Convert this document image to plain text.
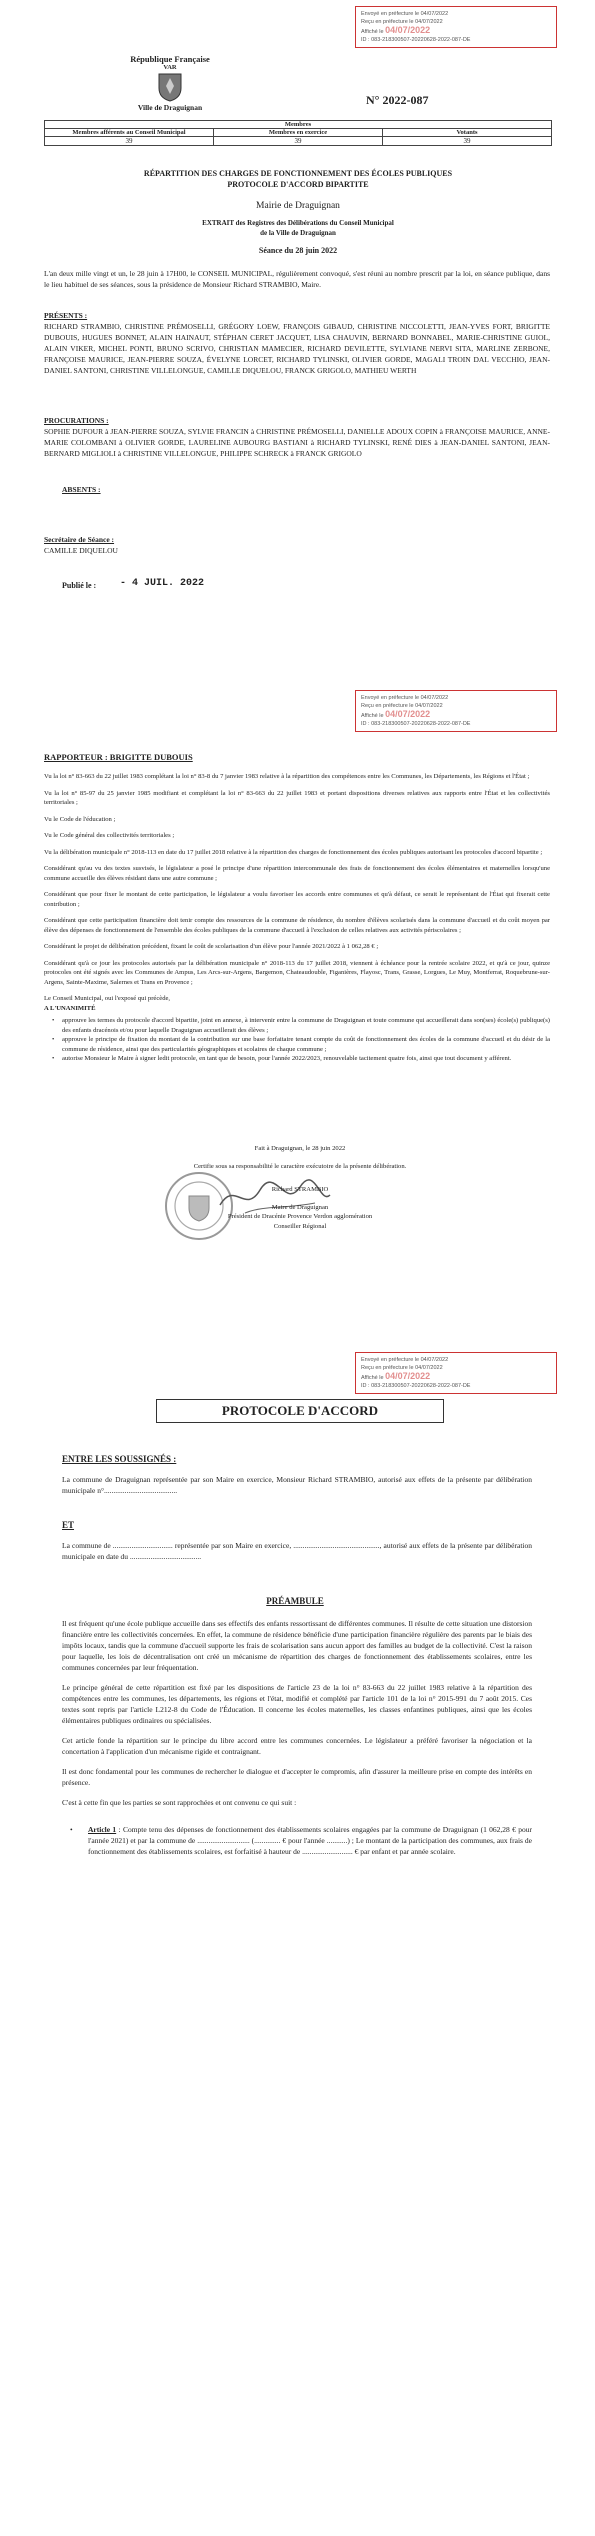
Envoyé en préfecture le 04/07/2022
Reçu en préfecture le 04/07/2022
Affiché le 04/07/2022
ID : 083-218300507-20220628-2022-087-DE
République Française
VAR
Ville de Draguignan
N° 2022-087
Membres
Membres afférents au Conseil Municipal	Membres en exercice	Votants
39	39	39
RÉPARTITION DES CHARGES DE FONCTIONNEMENT DES ÉCOLES PUBLIQUES
PROTOCOLE D'ACCORD BIPARTITE
Mairie de Draguignan
EXTRAIT des Registres des Délibérations du Conseil Municipal
de la Ville de Draguignan
Séance du 28 juin 2022
L'an deux mille vingt et un, le 28 juin à 17H00, le CONSEIL MUNICIPAL, régulièrement convoqué, s'est réuni au nombre prescrit par la loi, en séance publique, dans le lieu habituel de ses séances, sous la présidence de Monsieur Richard STRAMBIO, Maire.
PRÉSENTS :
RICHARD STRAMBIO, CHRISTINE PRÉMOSELLI, GRÉGORY LOEW, FRANÇOIS GIBAUD, CHRISTINE NICCOLETTI, JEAN-YVES FORT, BRIGITTE DUBOUIS, HUGUES BONNET, ALAIN HAINAUT, STÉPHAN CERET JACQUET, LISA CHAUVIN, BERNARD BONNABEL, MARIE-CHRISTINE GUIOL, ALAIN VIKER, MICHEL PONTI, BRUNO SCRIVO, CHRISTIAN MAMECIER, RICHARD DEVILETTE, SYLVIANE NERVI SITA, MARLINE ZERBONE, FRANÇOISE MAURICE, JEAN-PIERRE SOUZA, ÉVELYNE LORCET, RICHARD TYLINSKI, OLIVIER GORDE, MAGALI TROIN DAL VECCHIO, JEAN-DANIEL SANTONI, CHRISTINE VILLELONGUE, CAMILLE DIQUELOU, FRANCK GRIGOLO, MATHIEU WERTH
PROCURATIONS :
SOPHIE DUFOUR à JEAN-PIERRE SOUZA, SYLVIE FRANCIN à CHRISTINE PRÉMOSELLI, DANIELLE ADOUX COPIN à FRANÇOISE MAURICE, ANNE-MARIE COLOMBANI à OLIVIER GORDE, LAURELINE AUBOURG BASTIANI à RICHARD TYLINSKI, RENÉ DIES à JEAN-DANIEL SANTONI, JEAN-BERNARD MIGLIOLI à CHRISTINE VILLELONGUE, PHILIPPE SCHRECK à FRANCK GRIGOLO
ABSENTS :
Secrétaire de Séance :
CAMILLE DIQUELOU
Publié le : - 4 JUIL. 2022
Envoyé en préfecture le 04/07/2022
Reçu en préfecture le 04/07/2022
Affiché le 04/07/2022
ID : 083-218300507-20220628-2022-087-DE
RAPPORTEUR : BRIGITTE DUBOUIS
Vu la loi n° 83-663 du 22 juillet 1983 complétant la loi n° 83-8 du 7 janvier 1983 relative à la répartition des compétences entre les Communes, les Départements, les Régions et l'État ;
Vu la loi n° 85-97 du 25 janvier 1985 modifiant et complétant la loi n° 83-663 du 22 juillet 1983 et portant dispositions diverses relatives aux rapports entre l'État et les collectivités territoriales ;
Vu le Code de l'éducation ;
Vu le Code général des collectivités territoriales ;
Vu la délibération municipale n° 2018-113 en date du 17 juillet 2018 relative à la répartition des charges de fonctionnement des écoles publiques autorisant les protocoles d'accord bipartite ;
Considérant qu'au vu des textes susvisés, le législateur a posé le principe d'une répartition intercommunale des frais de fonctionnement des écoles élémentaires et maternelles lorsqu'une commune accueille des élèves résidant dans une autre commune ;
Considérant que pour fixer le montant de cette participation, le législateur a voulu favoriser les accords entre communes et qu'à défaut, ce serait le représentant de l'État qui fixerait cette contribution ;
Considérant que cette participation financière doit tenir compte des ressources de la commune de résidence, du nombre d'élèves scolarisés dans la commune d'accueil et du coût moyen par élève des dépenses de fonctionnement de l'ensemble des écoles publiques de la commune d'accueil à l'exclusion de celles relatives aux activités périscolaires ;
Considérant le projet de délibération précédent, fixant le coût de scolarisation d'un élève pour l'année 2021/2022 à 1 062,28 € ;
Considérant qu'à ce jour les protocoles autorisés par la délibération municipale n° 2018-113 du 17 juillet 2018, viennent à échéance pour la rentrée scolaire 2022, et qu'à ce jour, quinze protocoles ont été signés avec les Communes de Ampus, Les Arcs-sur-Argens, Bargemon, Chateaudouble, Figanières, Flayosc, Trans, Grasse, Lorgues, Le Muy, Montferrat, Roquebrune-sur-Argens, Sainte-Maxime, Salernes et Trans en Provence ;
Le Conseil Municipal, oui l'exposé qui précède,
A L'UNANIMITÉ
• approuve les termes du protocole d'accord bipartite, joint en annexe, à intervenir entre la commune de Draguignan et toute commune qui accueillerait dans son(ses) école(s) publique(s) des enfants dracénois et/ou pour laquelle Draguignan accueillerait des élèves ;
• approuve le principe de fixation du montant de la contribution sur une base forfaitaire tenant compte du coût de fonctionnement des écoles de la commune d'accueil et du désir de la commune de résidence, ainsi que des particularités géographiques et scolaires de chaque commune ;
• autorise Monsieur le Maire à signer ledit protocole, en tant que de besoin, pour l'année 2022/2023, renouvelable tacitement quatre fois, ainsi que tout document y afférent.
Fait à Draguignan, le 28 juin 2022
Certifie sous sa responsabilité le caractère exécutoire de la présente délibération.
Richard STRAMBIO
Maire de Draguignan
Président de Dracénie Provence Verdon agglomération
Conseiller Régional
Envoyé en préfecture le 04/07/2022
Reçu en préfecture le 04/07/2022
Affiché le 04/07/2022
ID : 083-218300507-20220628-2022-087-DE
PROTOCOLE D'ACCORD
ENTRE LES SOUSSIGNÉS :
La commune de Draguignan représentée par son Maire en exercice, Monsieur Richard STRAMBIO, autorisé aux effets de la présente par délibération municipale n°.......................................
ET
La commune de ................................ représentée par son Maire en exercice, .............................................., autorisé aux effets de la présente par délibération municipale en date du ......................................
PRÉAMBULE
Il est fréquent qu'une école publique accueille dans ses effectifs des enfants ressortissant de différentes communes. Il résulte de cette situation une distorsion financière entre les collectivités concernées. En effet, la commune de résidence bénéficie d'une participation financière régulière des parents par le biais des impôts locaux, tandis que la commune d'accueil supporte les frais de scolarisation sans aucun apport des familles au budget de la collectivité. C'est la raison pour laquelle, les lois de décentralisation ont créé un mécanisme de répartition des charges de fonctionnement des établissements scolaires, entre les communes concernées par leur fréquentation.
Le principe général de cette répartition est fixé par les dispositions de l'article 23 de la loi n° 83-663 du 22 juillet 1983 relative à la répartition des compétences entre les communes, les départements, les régions et l'état, modifié et complété par l'article 101 de la loi n° 2015-991 du 7 août 2015. Ces textes sont repris par l'article L212-8 du Code de l'Éducation. Il concerne les écoles maternelles, les classes enfantines publiques, ainsi que les écoles élémentaires publiques ordinaires ou spécialisées.
Cet article fonde la répartition sur le principe du libre accord entre les communes concernées. Le législateur a préféré favoriser la négociation et la concertation à l'application d'un mécanisme rigide et contraignant.
Il est donc fondamental pour les communes de rechercher le dialogue et d'accepter le compromis, afin d'assurer la meilleure prise en compte des intérêts en présence.
C'est à cette fin que les parties se sont rapprochées et ont convenu ce qui suit :
• Article 1 : Compte tenu des dépenses de fonctionnement des établissements scolaires engagées par la commune de Draguignan (1 062,28 € pour l'année 2021) et par la commune de ............................ (.............. € pour l'année ...........) ; Le montant de la participation des communes, aux frais de fonctionnement des établissements scolaires, est forfaitisé à hauteur de ........................... € par enfant et par année scolaire.
